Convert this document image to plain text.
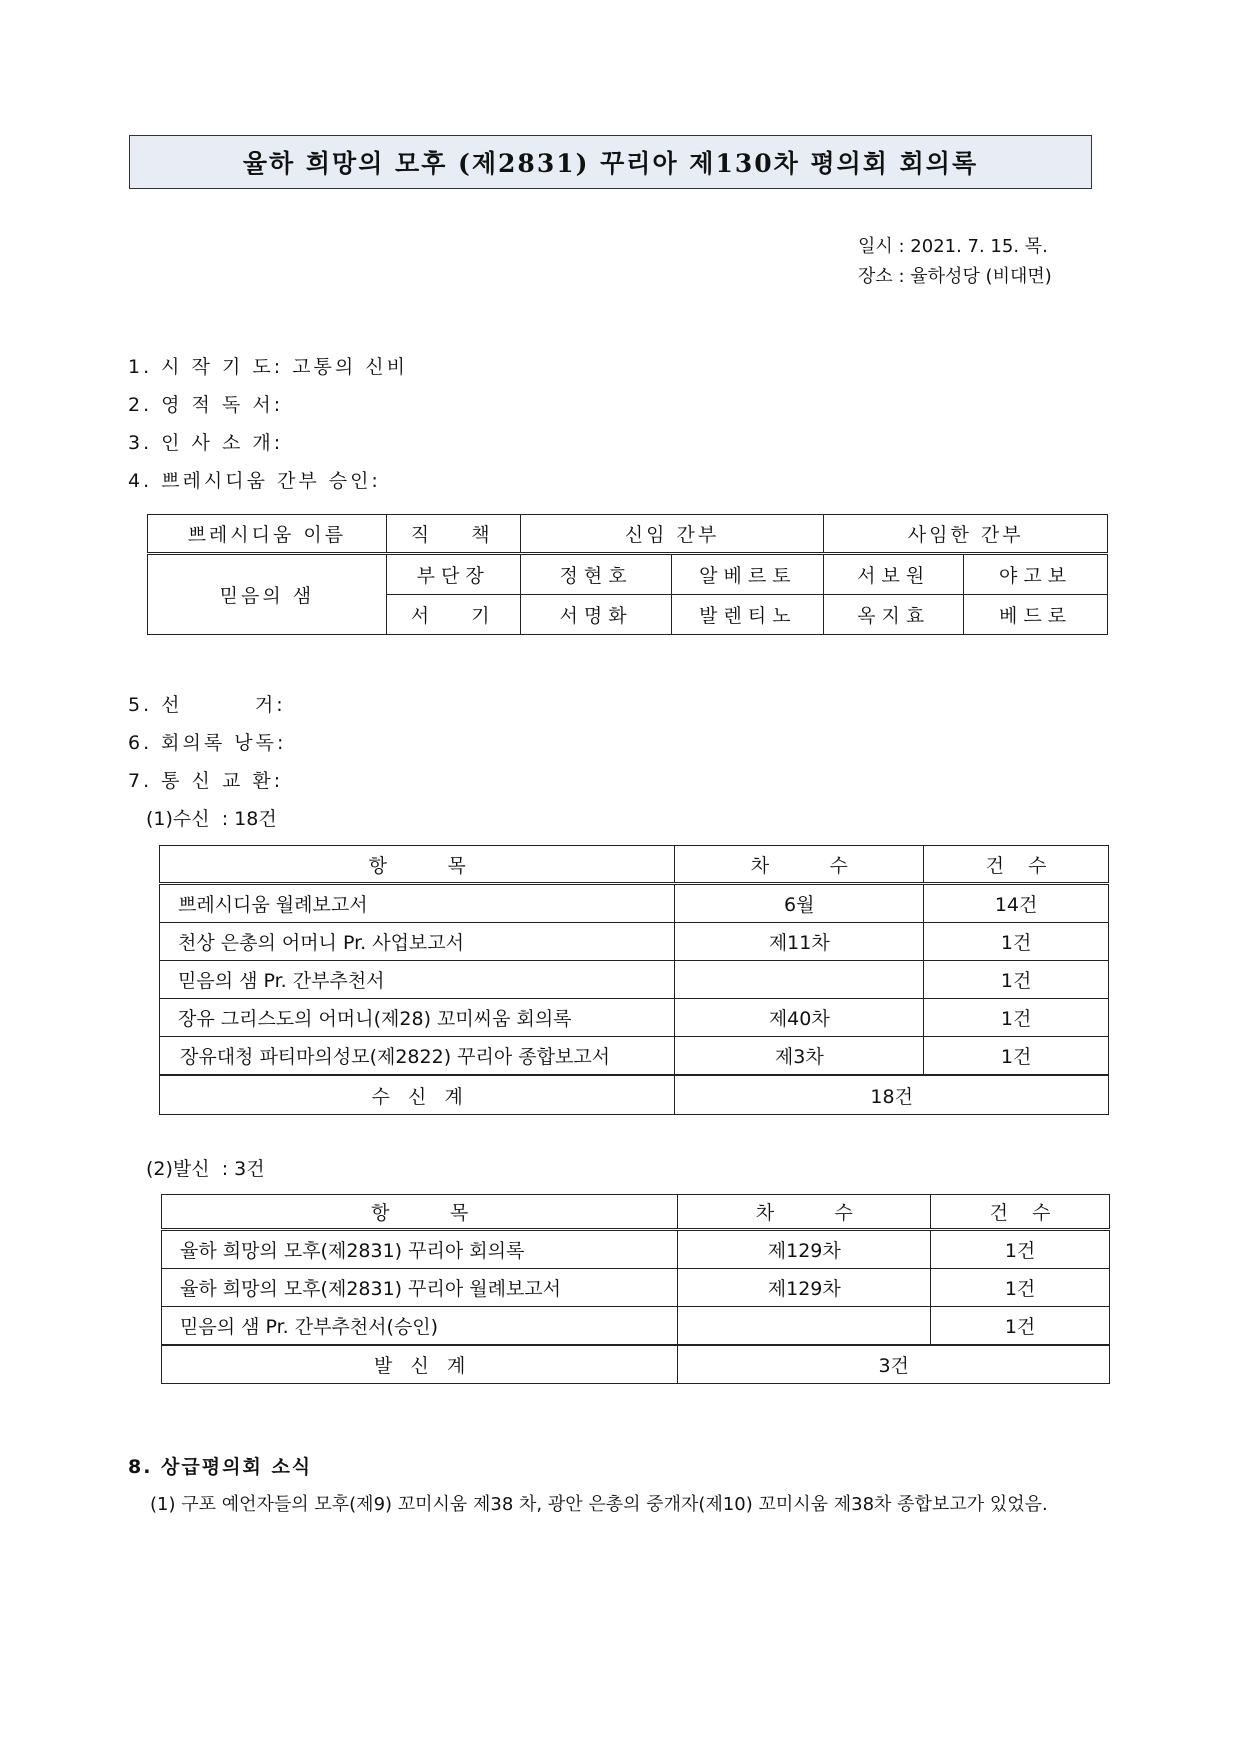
율하 희망의 모후 (제2831) 꾸리아 제130차 평의회 회의록
일시 : 2021. 7. 15. 목.
장소 : 율하성당 (비대면)
1. 시 작 기 도: 고통의 신비
2. 영 적 독 서:
3. 인 사 소 개:
4. 쁘레시디움 간부 승인:
쁘레시디움 이름	직   책	신임 간부		사임한 간부	
믿음의 샘	부단장	정현호	알베르토	서보원	야고보
	서   기	서명화	발렌티노	옥지효	베드로
5. 선        거:
6. 회의록 낭독:
7. 통 신 교 환:
(1)수신  : 18건
항          목	차          수	건    수
쁘레시디움 월례보고서	6월	14건
천상 은총의 어머니 Pr. 사업보고서	제11차	1건
믿음의 샘 Pr. 간부추천서		1건
장유 그리스도의 어머니(제28) 꼬미씨움 회의록	제40차	1건
장유대청 파티마의성모(제2822) 꾸리아 종합보고서	제3차	1건
수   신   계	18건	
(2)발신  : 3건
항          목	차          수	건    수
율하 희망의 모후(제2831) 꾸리아 회의록	제129차	1건
율하 희망의 모후(제2831) 꾸리아 월례보고서	제129차	1건
믿음의 샘 Pr. 간부추천서(승인)		1건
발   신   계	3건	
8. 상급평의회 소식
(1) 구포 예언자들의 모후(제9) 꼬미시움 제38 차, 광안 은총의 중개자(제10) 꼬미시움 제38차 종합보고가 있었음.
